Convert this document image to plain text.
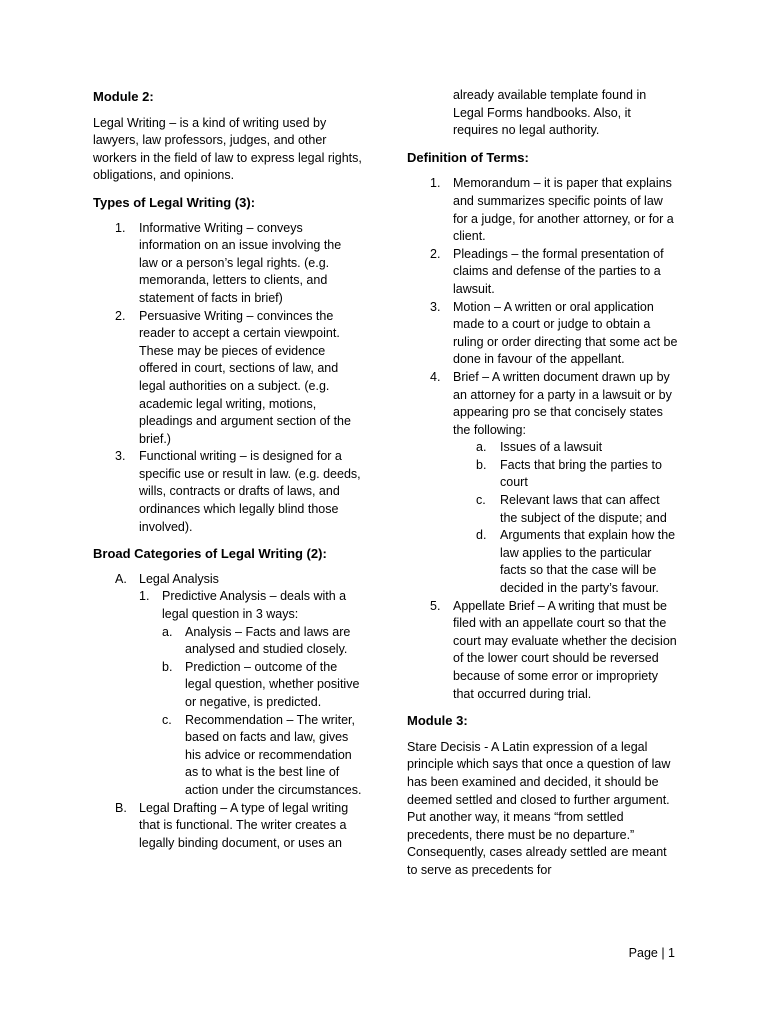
Module 2:

Legal Writing – is a kind of writing used by lawyers, law professors, judges, and other workers in the field of law to express legal rights, obligations, and opinions.

Types of Legal Writing (3):

1. Informative Writing – conveys information on an issue involving the law or a person’s legal rights. (e.g. memoranda, letters to clients, and statement of facts in brief)
2. Persuasive Writing – convinces the reader to accept a certain viewpoint. These may be pieces of evidence offered in court, sections of law, and legal authorities on a subject. (e.g. academic legal writing, motions, pleadings and argument section of the brief.)
3. Functional writing – is designed for a specific use or result in law. (e.g. deeds, wills, contracts or drafts of laws, and ordinances which legally blind those involved).

Broad Categories of Legal Writing (2):

A. Legal Analysis
1. Predictive Analysis – deals with a legal question in 3 ways:
a. Analysis – Facts and laws are analysed and studied closely.
b. Prediction – outcome of the legal question, whether positive or negative, is predicted.
c. Recommendation – The writer, based on facts and law, gives his advice or recommendation as to what is the best line of action under the circumstances.
B. Legal Drafting – A type of legal writing that is functional. The writer creates a legally binding document, or uses an
already available template found in Legal Forms handbooks. Also, it requires no legal authority.

Definition of Terms:

1. Memorandum – it is paper that explains and summarizes specific points of law for a judge, for another attorney, or for a client.
2. Pleadings – the formal presentation of claims and defense of the parties to a lawsuit.
3. Motion – A written or oral application made to a court or judge to obtain a ruling or order directing that some act be done in favour of the appellant.
4. Brief – A written document drawn up by an attorney for a party in a lawsuit or by appearing pro se that concisely states the following:
a. Issues of a lawsuit
b. Facts that bring the parties to court
c. Relevant laws that can affect the subject of the dispute; and
d. Arguments that explain how the law applies to the particular facts so that the case will be decided in the party’s favour.
5. Appellate Brief – A writing that must be filed with an appellate court so that the court may evaluate whether the decision of the lower court should be reversed because of some error or impropriety that occurred during trial.

Module 3:

Stare Decisis - A Latin expression of a legal principle which says that once a question of law has been examined and decided, it should be deemed settled and closed to further argument. Put another way, it means “from settled precedents, there must be no departure.” Consequently, cases already settled are meant to serve as precedents for

Page | 1
